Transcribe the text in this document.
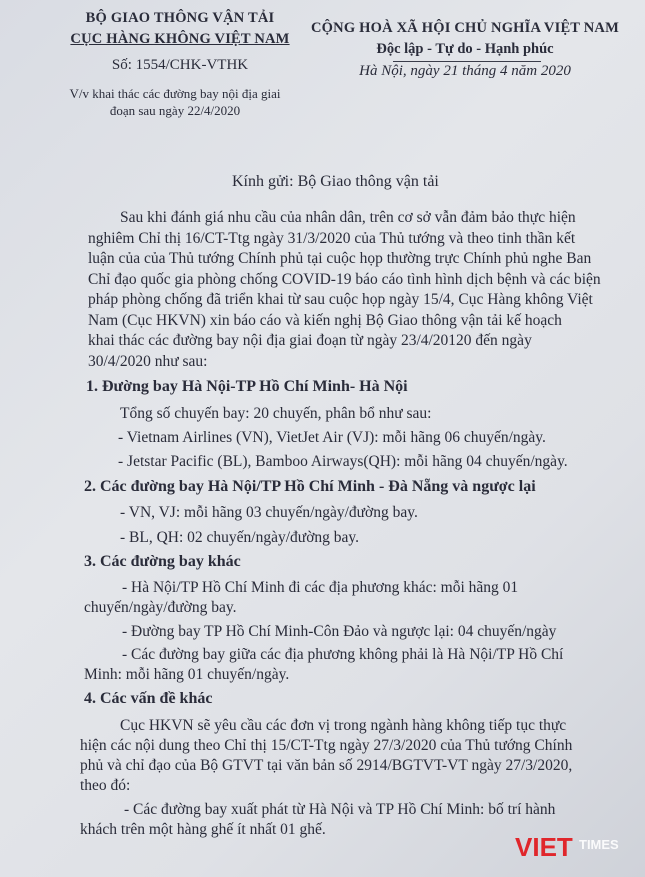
BỘ GIAO THÔNG VẬN TẢI
CỤC HÀNG KHÔNG VIỆT NAM
Số: 1554/CHK-VTHK
V/v khai thác các đường bay nội địa giai
đoạn sau ngày 22/4/2020
CỘNG HOÀ XÃ HỘI CHỦ NGHĨA VIỆT NAM
Độc lập - Tự do - Hạnh phúc
Hà Nội, ngày 21 tháng 4 năm 2020
Kính gửi: Bộ Giao thông vận tải
Sau khi đánh giá nhu cầu của nhân dân, trên cơ sở vẫn đảm bảo thực hiện
nghiêm Chỉ thị 16/CT-Ttg ngày 31/3/2020 của Thủ tướng và theo tinh thần kết
luận của của Thủ tướng Chính phủ tại cuộc họp thường trực Chính phủ nghe Ban
Chỉ đạo quốc gia phòng chống COVID-19 báo cáo tình hình dịch bệnh và các biện
pháp phòng chống đã triển khai từ sau cuộc họp ngày 15/4, Cục Hàng không Việt
Nam (Cục HKVN) xin báo cáo và kiến nghị Bộ Giao thông vận tải kế hoạch
khai thác các đường bay nội địa giai đoạn từ ngày 23/4/20120 đến ngày
30/4/2020 như sau:
1. Đường bay Hà Nội-TP Hồ Chí Minh- Hà Nội
Tổng số chuyến bay: 20 chuyến, phân bổ như sau:
- Vietnam Airlines (VN), VietJet Air (VJ): mỗi hãng 06 chuyến/ngày.
- Jetstar Pacific (BL), Bamboo Airways(QH): mỗi hãng 04 chuyến/ngày.
2. Các đường bay Hà Nội/TP Hồ Chí Minh - Đà Nẵng và ngược lại
- VN, VJ: mỗi hãng 03 chuyến/ngày/đường bay.
- BL, QH: 02 chuyến/ngày/đường bay.
3. Các đường bay khác
- Hà Nội/TP Hồ Chí Minh đi các địa phương khác: mỗi hãng 01
chuyến/ngày/đường bay.
- Đường bay TP Hồ Chí Minh-Côn Đảo và ngược lại: 04 chuyến/ngày
- Các đường bay giữa các địa phương không phải là Hà Nội/TP Hồ Chí
Minh: mỗi hãng 01 chuyến/ngày.
4. Các vấn đề khác
Cục HKVN sẽ yêu cầu các đơn vị trong ngành hàng không tiếp tục thực
hiện các nội dung theo Chỉ thị 15/CT-Ttg ngày 27/3/2020 của Thủ tướng Chính
phủ và chỉ đạo của Bộ GTVT tại văn bản số 2914/BGTVT-VT ngày 27/3/2020,
theo đó:
- Các đường bay xuất phát từ Hà Nội và TP Hồ Chí Minh: bố trí hành
khách trên một hàng ghế ít nhất 01 ghế.
VIET TIMES
